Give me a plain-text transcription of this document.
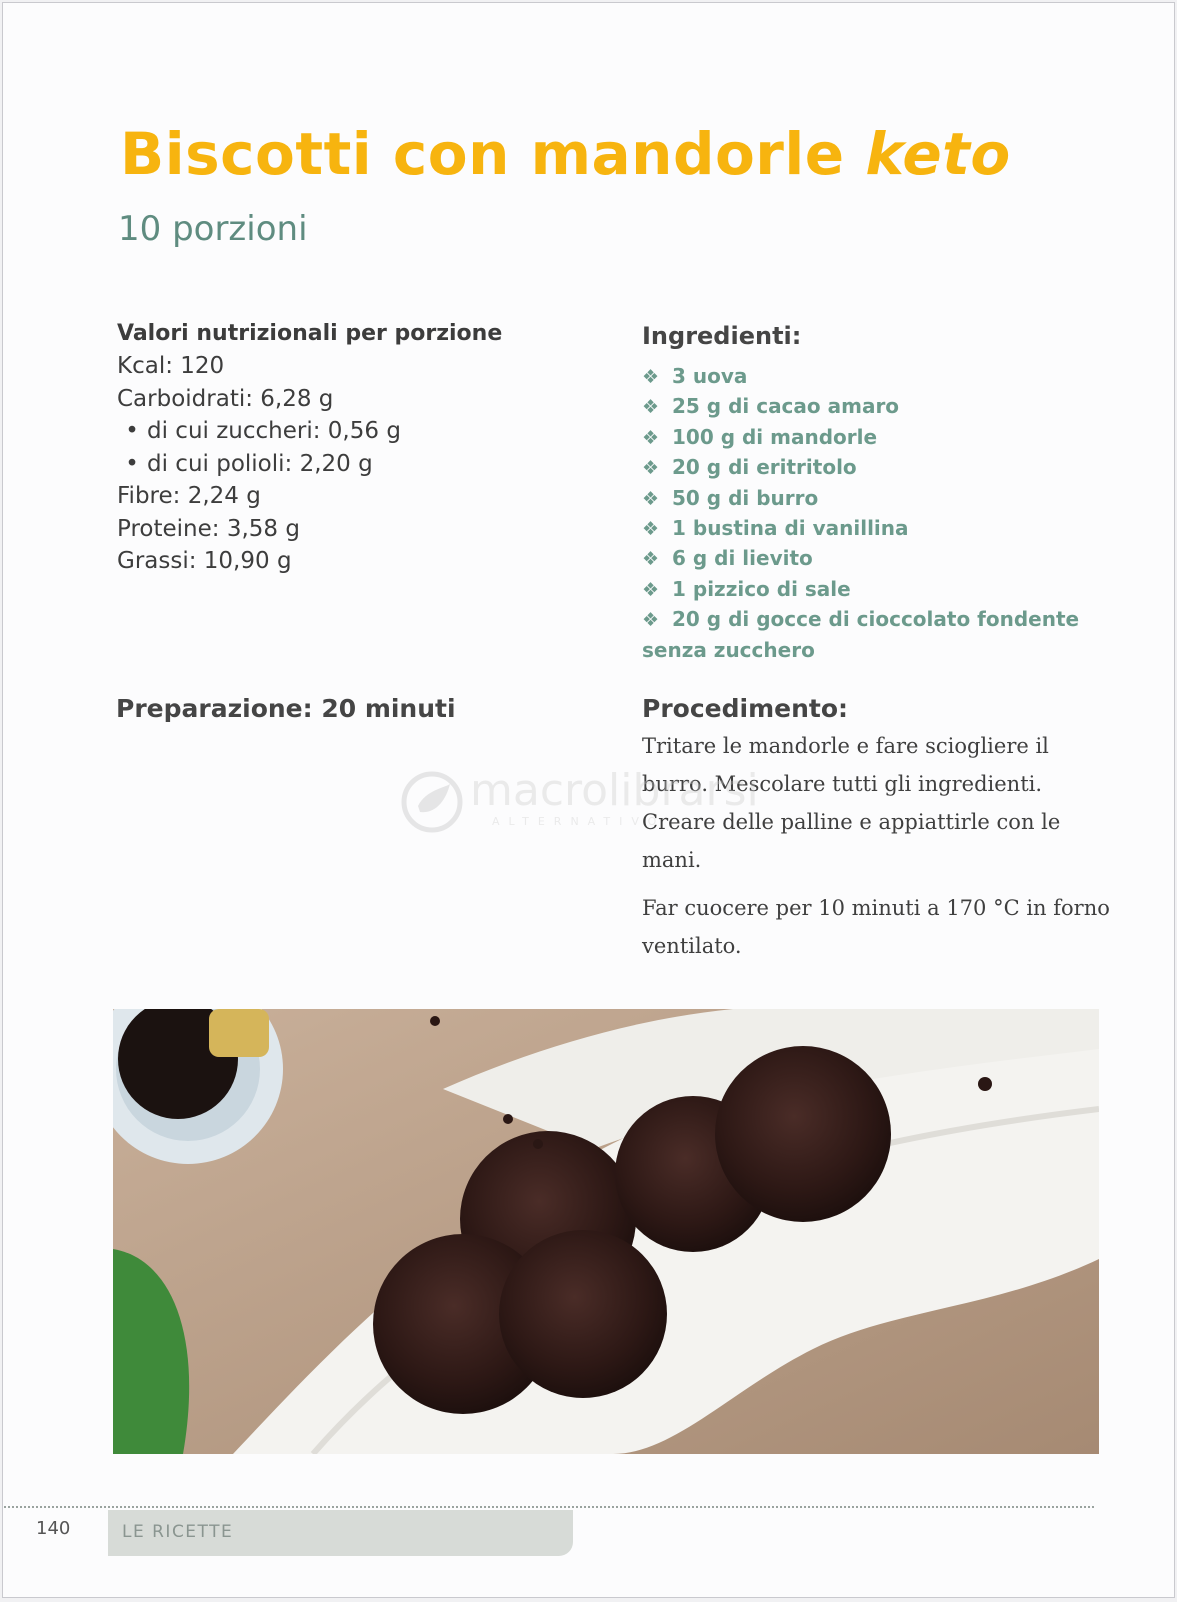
Biscotti con mandorle keto
10 porzioni
Valori nutrizionali per porzione
Kcal: 120
Carboidrati: 6,28 g
• di cui zuccheri: 0,56 g
• di cui polioli: 2,20 g
Fibre: 2,24 g
Proteine: 3,58 g
Grassi: 10,90 g
Ingredienti:
❖ 3 uova
❖ 25 g di cacao amaro
❖ 100 g di mandorle
❖ 20 g di eritritolo
❖ 50 g di burro
❖ 1 bustina di vanillina
❖ 6 g di lievito
❖ 1 pizzico di sale
❖ 20 g di gocce di cioccolato fondente
senza zucchero
Preparazione: 20 minuti	Procedimento:

Tritare le mandorle e fare sciogliere il burro. Mescolare tutti gli ingredienti. Creare delle palline e appiattirle con le mani.

Far cuocere per 10 minuti a 170 °C in forno ventilato.

macrolibrarsi
ALTERNATIVO
140	LE RICETTE
